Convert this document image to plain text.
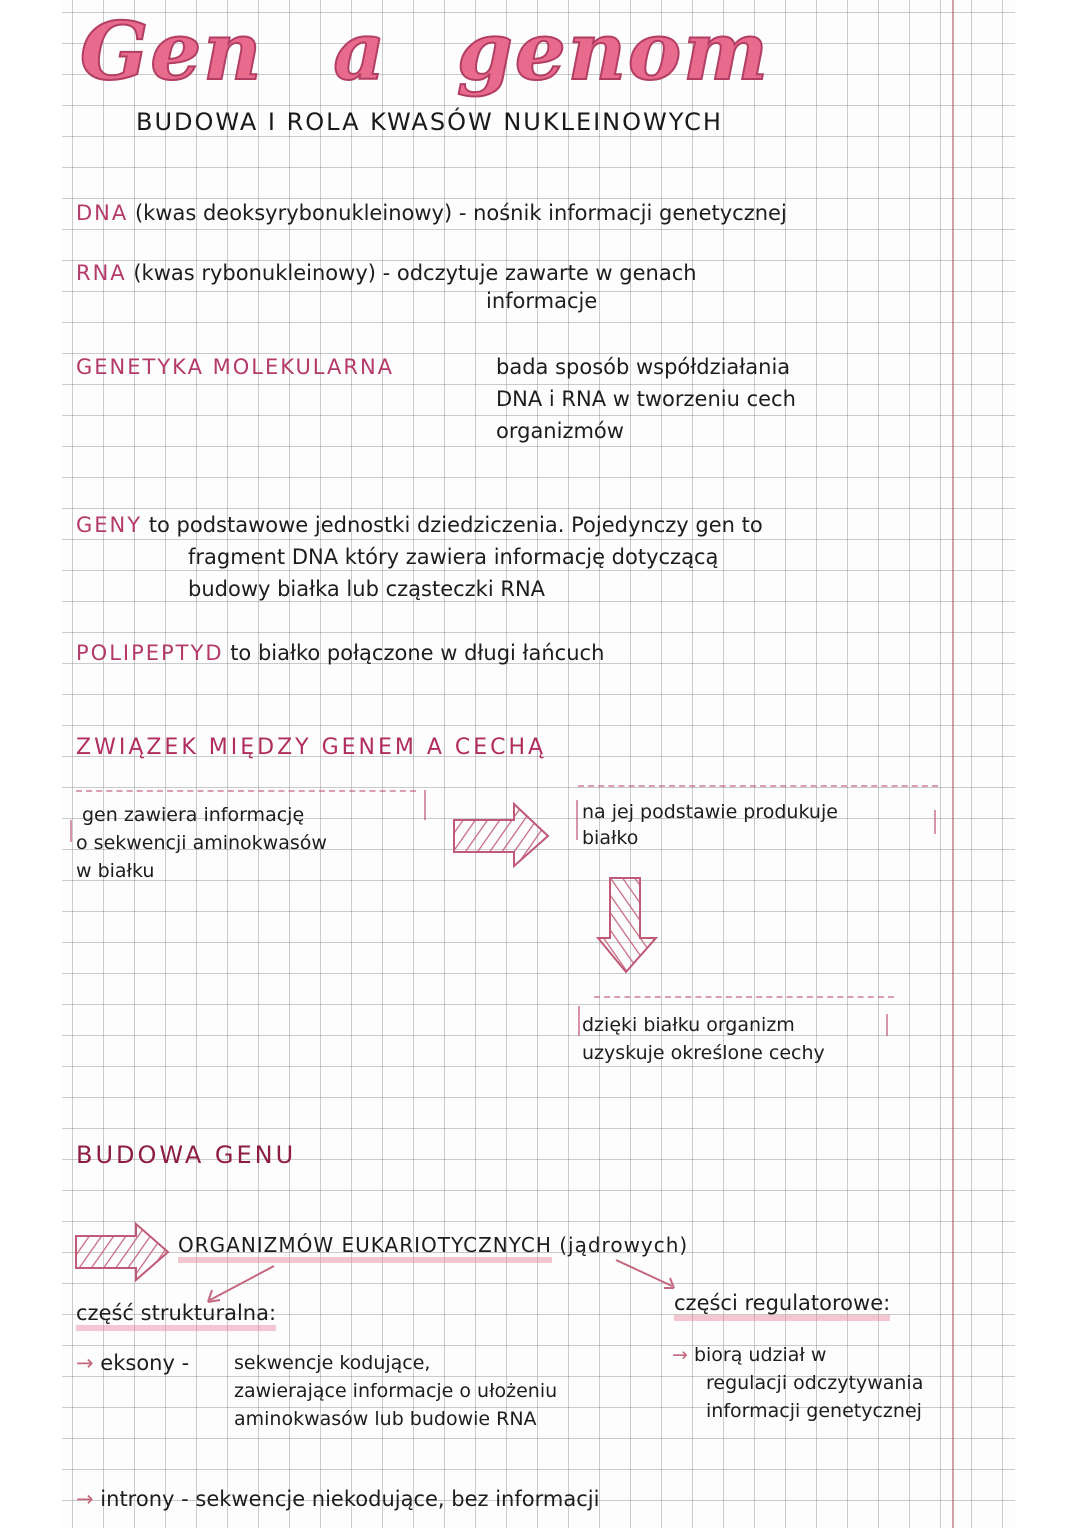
Gen a genom
BUDOWA I ROLA KWASÓW NUKLEINOWYCH
DNA (kwas deoksyrybonukleinowy) - nośnik informacji genetycznej
RNA (kwas rybonukleinowy) - odczytuje zawarte w genach
informacje
GENETYKA MOLEKULARNA	bada sposób współdziałania
DNA i RNA w tworzeniu cech
organizmów
GENY to podstawowe jednostki dziedziczenia. Pojedynczy gen to
fragment DNA który zawiera informację dotyczącą
budowy białka lub cząsteczki RNA
POLIPEPTYD to białko połączone w długi łańcuch
ZWIĄZEK MIĘDZY GENEM A CECHĄ
gen zawiera informację
o sekwencji aminokwasów
w białku
na jej podstawie produkuje
białko
dzięki białku organizm
uzyskuje określone cechy
BUDOWA GENU
ORGANIZMÓW EUKARIOTYCZNYCH (jądrowych)
część strukturalna:	części regulatorowe:
→ eksony - sekwencje kodujące,
zawierające informacje o ułożeniu
aminokwasów lub budowie RNA
→ biorą udział w
regulacji odczytywania
informacji genetycznej
→ introny - sekwencje niekodujące, bez informacji
